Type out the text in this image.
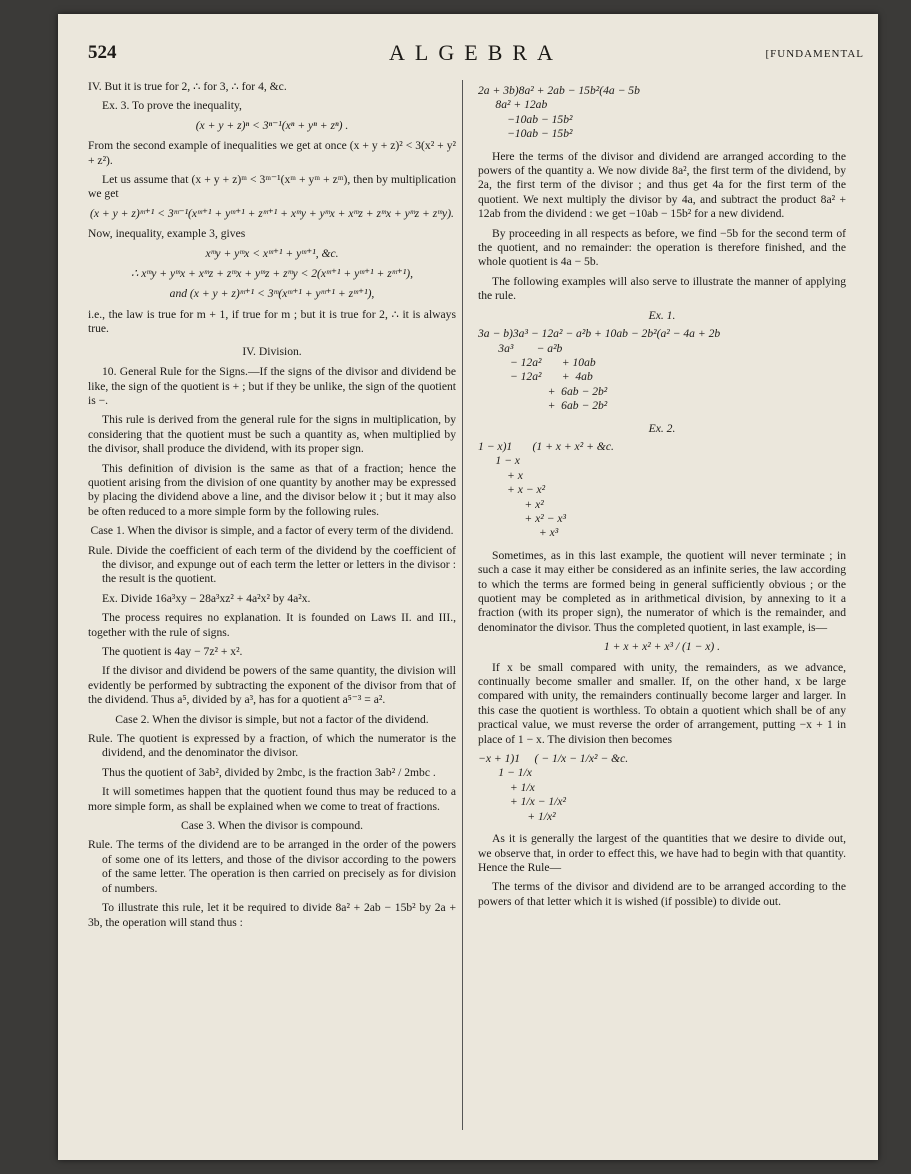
524	ALGEBRA	[FUNDAMENTAL

IV. But it is true for 2, ∴ for 3, ∴ for 4, &c.

Ex. 3. To prove the inequality,

(x + y + z)ⁿ < 3ⁿ⁻¹(xⁿ + yⁿ + zⁿ) .

From the second example of inequalities we get at once (x + y + z)² < 3(x² + y² + z²).

Let us assume that (x + y + z)ᵐ < 3ᵐ⁻¹(xᵐ + yᵐ + zᵐ), then by multiplication we get

(x + y + z)ᵐ⁺¹ < 3ᵐ⁻¹(xᵐ⁺¹ + yᵐ⁺¹ + zᵐ⁺¹ + xᵐy + yᵐx + xᵐz + zᵐx + yᵐz + zᵐy).

Now, inequality, example 3, gives

xᵐy + yᵐx < xᵐ⁺¹ + yᵐ⁺¹, &c.
∴ xᵐy + yᵐx + xᵐz + zᵐx + yᵐz + zᵐy < 2(xᵐ⁺¹ + yᵐ⁺¹ + zᵐ⁺¹),
and (x + y + z)ᵐ⁺¹ < 3ᵐ(xᵐ⁺¹ + yᵐ⁺¹ + zᵐ⁺¹),

i.e., the law is true for m + 1, if true for m ; but it is true for 2, ∴ it is always true.

IV. Division.

10. General Rule for the Signs.—If the signs of the divisor and dividend be like, the sign of the quotient is + ; but if they be unlike, the sign of the quotient is −.

This rule is derived from the general rule for the signs in multiplication, by considering that the quotient must be such a quantity as, when multiplied by the divisor, shall produce the dividend, with its proper sign.

This definition of division is the same as that of a fraction; hence the quotient arising from the division of one quantity by another may be expressed by placing the dividend above a line, and the divisor below it ; but it may also be often reduced to a more simple form by the following rules.

Case 1. When the divisor is simple, and a factor of every term of the dividend.

Rule. Divide the coefficient of each term of the dividend by the coefficient of the divisor, and expunge out of each term the letter or letters in the divisor : the result is the quotient.

Ex. Divide 16a³xy − 28a³xz² + 4a²x² by 4a²x.

The process requires no explanation. It is founded on Laws II. and III., together with the rule of signs.

The quotient is 4ay − 7z² + x².

If the divisor and dividend be powers of the same quantity, the division will evidently be performed by subtracting the exponent of the divisor from that of the dividend. Thus a⁵, divided by a³, has for a quotient a⁵⁻³ = a².

Case 2. When the divisor is simple, but not a factor of the dividend.

Rule. The quotient is expressed by a fraction, of which the numerator is the dividend, and the denominator the divisor.

Thus the quotient of 3ab², divided by 2mbc, is the fraction 3ab² / 2mbc .

It will sometimes happen that the quotient found thus may be reduced to a more simple form, as shall be explained when we come to treat of fractions.

Case 3. When the divisor is compound.

Rule. The terms of the dividend are to be arranged in the order of the powers of some one of its letters, and those of the divisor according to the powers of the same letter. The operation is then carried on precisely as for division of numbers.

To illustrate this rule, let it be required to divide 8a² + 2ab − 15b² by 2a + 3b, the operation will stand thus :

2a + 3b)8a² + 2ab − 15b²(4a − 5b
8a² + 12ab
−10ab − 15b²
−10ab − 15b²

Here the terms of the divisor and dividend are arranged according to the powers of the quantity a. We now divide 8a², the first term of the dividend, by 2a, the first term of the divisor ; and thus get 4a for the first term of the quotient. We next multiply the divisor by 4a, and subtract the product 8a² + 12ab from the dividend : we get −10ab − 15b² for a new dividend.

By proceeding in all respects as before, we find −5b for the second term of the quotient, and no remainder: the operation is therefore finished, and the whole quotient is 4a − 5b.

The following examples will also serve to illustrate the manner of applying the rule.

Ex. 1.
3a − b)3a³ − 12a² − a²b + 10ab − 2b²(a² − 4a + 2b
3a³        − a²b
− 12a²       + 10ab
− 12a²       +  4ab
+  6ab − 2b²
+  6ab − 2b²
Ex. 2.
1 − x)1       (1 + x + x² + &c.
1 − x
+ x
+ x − x²
+ x²
+ x² − x³
+ x³

Sometimes, as in this last example, the quotient will never terminate ; in such a case it may either be considered as an infinite series, the law according to which the terms are formed being in general sufficiently obvious ; or the quotient may be completed as in arithmetical division, by annexing to it a fraction (with its proper sign), the numerator of which is the remainder, and denominator the divisor. Thus the completed quotient, in last example, is—

1 + x + x² + x³ / (1 − x) .

If x be small compared with unity, the remainders, as we advance, continually become smaller and smaller. If, on the other hand, x be large compared with unity, the remainders continually become larger and larger. In this case the quotient is worthless. To obtain a quotient which shall be of any practical value, we must reverse the order of arrangement, putting −x + 1 in place of 1 − x. The division then becomes

−x + 1)1     ( − 1/x − 1/x² − &c.
1 − 1/x
+ 1/x
+ 1/x − 1/x²
+ 1/x²

As it is generally the largest of the quantities that we desire to divide out, we observe that, in order to effect this, we have had to begin with that quantity. Hence the Rule—

The terms of the divisor and dividend are to be arranged according to the powers of that letter which it is wished (if possible) to divide out.
